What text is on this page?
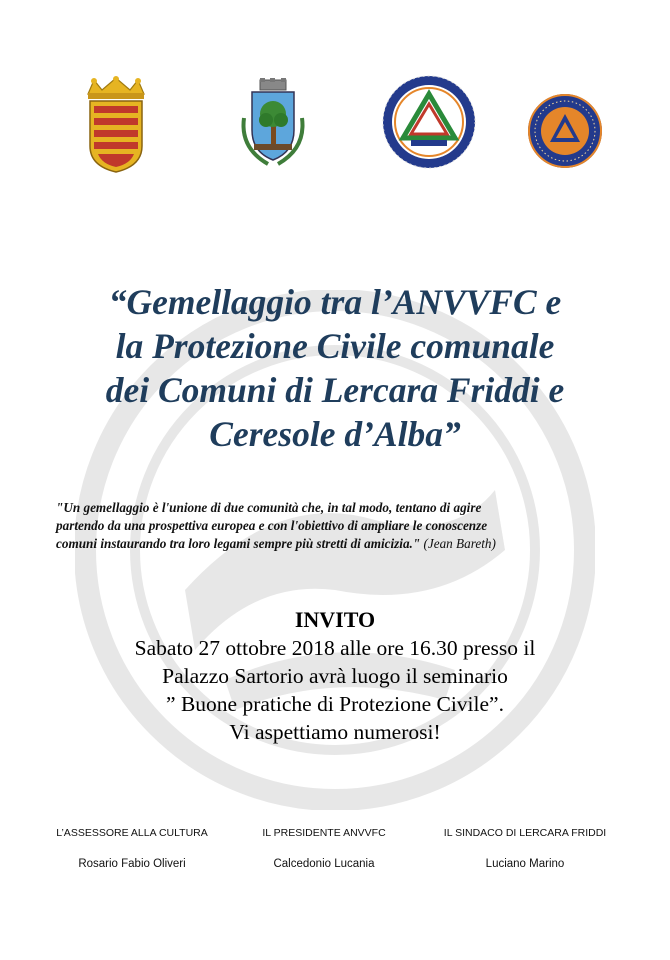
“Gemellaggio tra l’ANVVFC e
la Protezione Civile comunale
dei Comuni di Lercara Friddi e
Ceresole d’Alba”
"Un gemellaggio è l'unione di due comunità che, in tal modo, tentano di agire
partendo da una prospettiva europea e con l'obiettivo di ampliare le conoscenze
comuni instaurando tra loro legami sempre più stretti di amicizia." (Jean Bareth)
INVITO
Sabato 27 ottobre 2018 alle ore 16.30 presso il
Palazzo Sartorio avrà luogo il seminario
” Buone pratiche di Protezione Civile”.
Vi aspettiamo numerosi!
L’ASSESSORE ALLA CULTURA
Rosario Fabio Oliveri
IL PRESIDENTE ANVVFC
Calcedonio Lucania
IL SINDACO DI LERCARA FRIDDI
Luciano Marino
